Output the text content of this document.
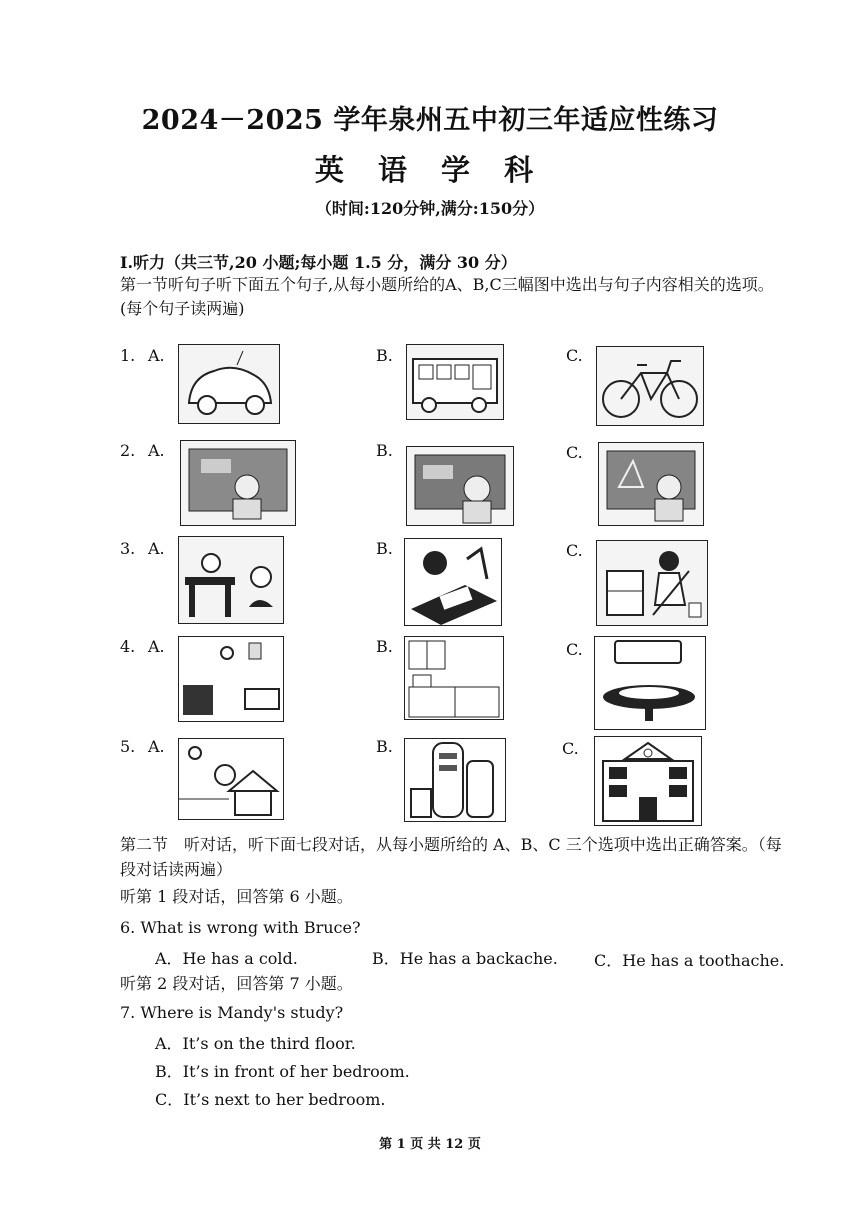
2024－2025 学年泉州五中初三年适应性练习
英 语 学 科
（时间:120分钟,满分:150分）
I.听力（共三节,20 小题;每小题 1.5 分，满分 30 分）
第一节听句子听下面五个句子,从每小题所给的A、B,C三幅图中选出与句子内容相关的选项。(每个句子读两遍)
1. A.	B.	C.
2. A.	B.	C.
3. A.	B.	C.
4. A.	B.	C.
5. A.	B.	C.
第二节　听对话，听下面七段对话，从每小题所给的 A、B、C 三个选项中选出正确答案。（每段对话读两遍）
听第 1 段对话，回答第 6 小题。
6. What is wrong with Bruce?
A．He has a cold.	B．He has a backache. C．He has a toothache.
听第 2 段对话，回答第 7 小题。
7. Where is Mandy's study?
A．It’s on the third floor.
B．It’s in front of her bedroom.
C．It’s next to her bedroom.
第 1 页 共 12 页
